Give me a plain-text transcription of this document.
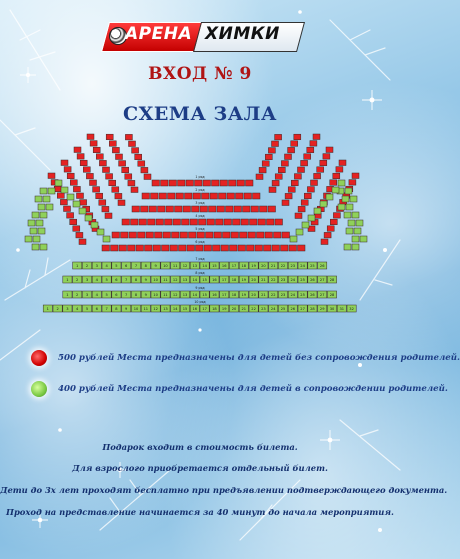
АРЕНА ХИМКИ
ВХОД № 9
СХЕМА ЗАЛА
1 ряд
2 ряд
3 ряд
4 ряд
5 ряд
6 ряд
7 ряд
1 2 3 4 5 6 7 8 9 10 11 12 13 14 15 16 17 18 19 20 21 22 23 24 25 26
8 ряд
1 2 3 4 5 6 7 8 9 10 11 12 13 14 15 16 17 18 19 20 21 22 23 24 25 26 27 28
9 ряд
1 2 3 4 5 6 7 8 9 10 11 12 13 14 15 16 17 18 19 20 21 22 23 24 25 26 27 28
10 ряд
1 2 3 4 5 6 7 8 9 10 11 12 13 14 15 16 17 18 19 20 21 22 23 24 25 26 27 28 29 30 31 32
500 рублей Места предназначены для детей без сопровождения родителей.
400 рублей Места предназначены для детей в сопровождении родителей.
Подарок входит в стоимость билета.
Для взрослого приобретается отдельный билет.
Дети до 3х лет проходят бесплатно при предъявлении подтверждающего документа.
Проход на представление начинается за 40 минут до начала мероприятия.
